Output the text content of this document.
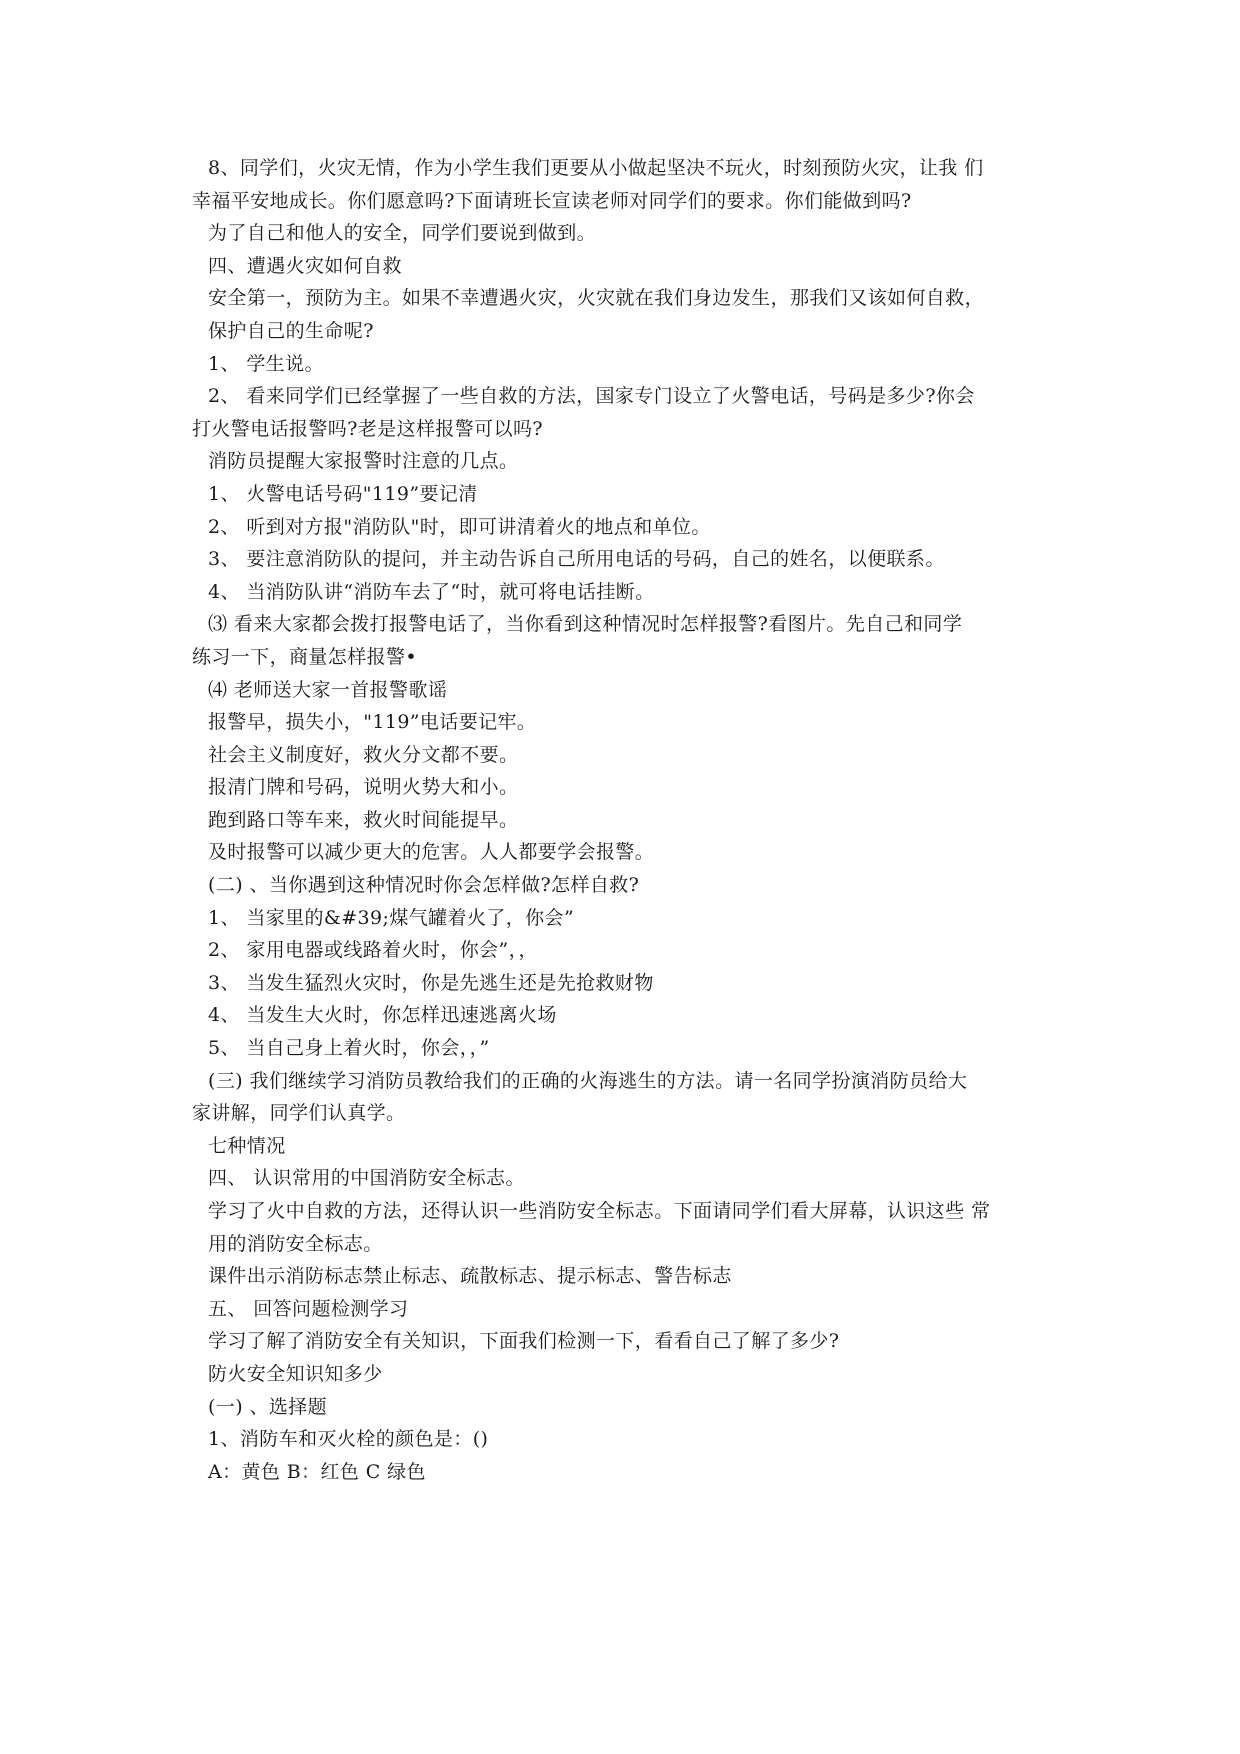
8、同学们，火灾无情，作为小学生我们更要从小做起坚决不玩火，时刻预防火灾，让我 们
幸福平安地成长。你们愿意吗?下面请班长宣读老师对同学们的要求。你们能做到吗?
为了自己和他人的安全，同学们要说到做到。
四、遭遇火灾如何自救
安全第一，预防为主。如果不幸遭遇火灾，火灾就在我们身边发生，那我们又该如何自救，
保护自己的生命呢?
1、 学生说。
2、 看来同学们已经掌握了一些自救的方法，国家专门设立了火警电话，号码是多少?你会
打火警电话报警吗?老是这样报警可以吗?
消防员提醒大家报警时注意的几点。
1、 火警电话号码"119”要记清
2、 听到对方报"消防队"时，即可讲清着火的地点和单位。
3、 要注意消防队的提问，并主动告诉自己所用电话的号码，自己的姓名，以便联系。
4、 当消防队讲“消防车去了“时，就可将电话挂断。
⑶ 看来大家都会拨打报警电话了，当你看到这种情况时怎样报警?看图片。先自己和同学
练习一下，商量怎样报警•
⑷ 老师送大家一首报警歌谣
报警早，损失小，"119”电话要记牢。
社会主义制度好，救火分文都不要。
报清门牌和号码，说明火势大和小。
跑到路口等车来，救火时间能提早。
及时报警可以减少更大的危害。人人都要学会报警。
(二) 、当你遇到这种情况时你会怎样做?怎样自救?
1、 当家里的&#39;煤气罐着火了，你会”
2、 家用电器或线路着火时，你会”，，
3、 当发生猛烈火灾时，你是先逃生还是先抢救财物
4、 当发生大火时，你怎样迅速逃离火场
5、 当自己身上着火时，你会，，”
(三) 我们继续学习消防员教给我们的正确的火海逃生的方法。请一名同学扮演消防员给大
家讲解，同学们认真学。
七种情况
四、 认识常用的中国消防安全标志。
学习了火中自救的方法，还得认识一些消防安全标志。下面请同学们看大屏幕，认识这些 常
用的消防安全标志。
课件出示消防标志禁止标志、疏散标志、提示标志、警告标志
五、 回答问题检测学习
学习了解了消防安全有关知识，下面我们检测一下，看看自己了解了多少?
防火安全知识知多少
(一) 、选择题
1、消防车和灭火栓的颜色是：()
A：黄色 B：红色 C 绿色
